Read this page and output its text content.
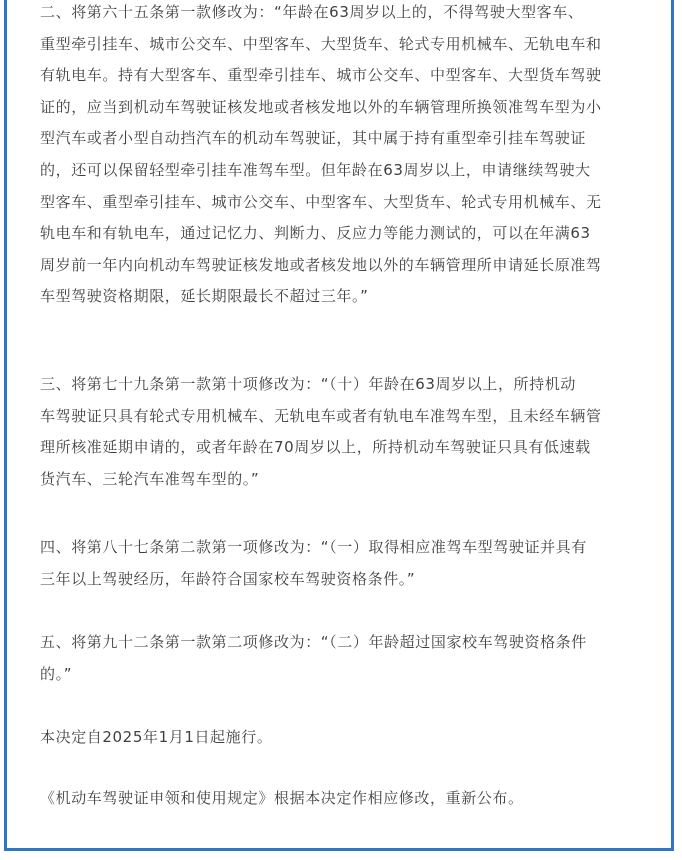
二、将第六十五条第一款修改为：“年龄在63周岁以上的，不得驾驶大型客车、
重型牵引挂车、城市公交车、中型客车、大型货车、轮式专用机械车、无轨电车和
有轨电车。持有大型客车、重型牵引挂车、城市公交车、中型客车、大型货车驾驶
证的，应当到机动车驾驶证核发地或者核发地以外的车辆管理所换领准驾车型为小
型汽车或者小型自动挡汽车的机动车驾驶证，其中属于持有重型牵引挂车驾驶证
的，还可以保留轻型牵引挂车准驾车型。但年龄在63周岁以上，申请继续驾驶大
型客车、重型牵引挂车、城市公交车、中型客车、大型货车、轮式专用机械车、无
轨电车和有轨电车，通过记忆力、判断力、反应力等能力测试的，可以在年满63
周岁前一年内向机动车驾驶证核发地或者核发地以外的车辆管理所申请延长原准驾
车型驾驶资格期限，延长期限最长不超过三年。”
三、将第七十九条第一款第十项修改为：“（十）年龄在63周岁以上，所持机动
车驾驶证只具有轮式专用机械车、无轨电车或者有轨电车准驾车型，且未经车辆管
理所核准延期申请的，或者年龄在70周岁以上，所持机动车驾驶证只具有低速载
货汽车、三轮汽车准驾车型的。”
四、将第八十七条第二款第一项修改为：“（一）取得相应准驾车型驾驶证并具有
三年以上驾驶经历，年龄符合国家校车驾驶资格条件。”
五、将第九十二条第一款第二项修改为：“（二）年龄超过国家校车驾驶资格条件
的。”
本决定自2025年1月1日起施行。
《机动车驾驶证申领和使用规定》根据本决定作相应修改，重新公布。
